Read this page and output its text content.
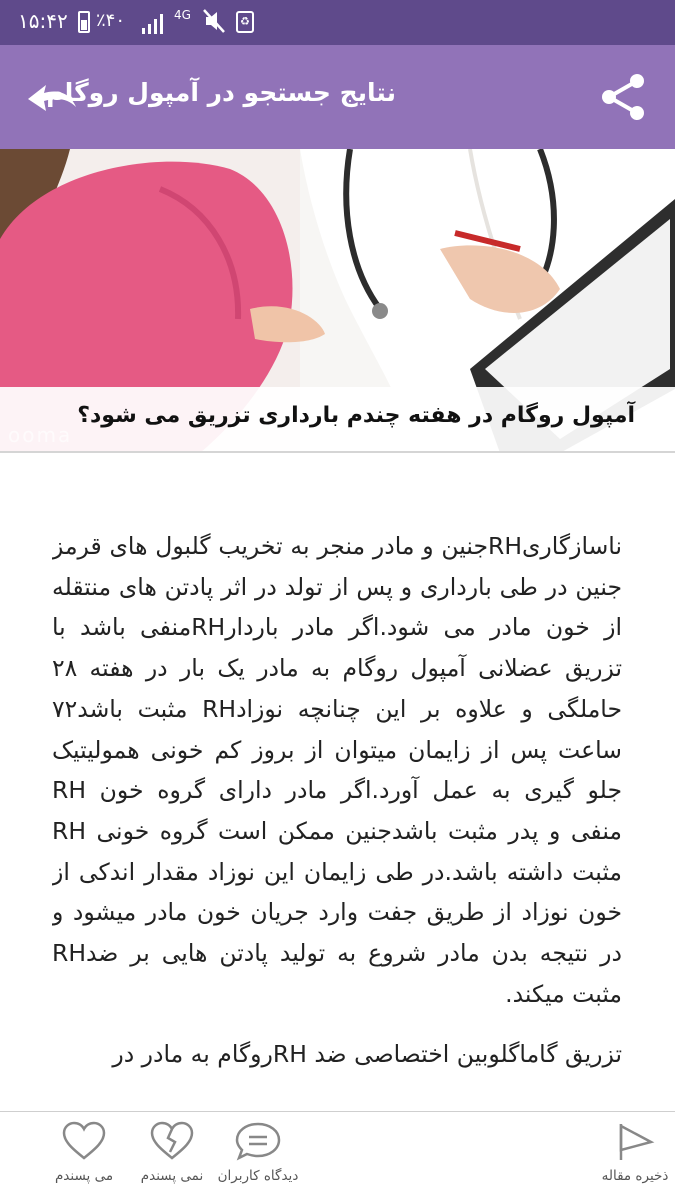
۱۵:۴۲ ٪۴۰	4G	♻
نتایج جستجو در آمپول روگام
آمپول روگام در هفته چندم بارداری تزریق می شود؟
ooma

ناسازگاریRHجنین و مادر منجر به تخریب گلبول های قرمز جنین در طی بارداری و پس از تولد در اثر پادتن های منتقله از خون مادر می شود.اگر مادر باردارRHمنفی باشد با تزریق عضلانی آمپول روگام به مادر یک بار در هفته ۲۸ حاملگی و علاوه بر این چنانچه نوزادRH مثبت باشد۷۲ ساعت پس از زایمان میتوان از بروز کم خونی همولیتیک جلو گیری به عمل آورد.اگر مادر دارای گروه خون RH منفی و پدر مثبت باشدجنین ممکن است گروه خونی RH مثبت داشته باشد.در طی زایمان این نوزاد مقدار اندکی از خون نوزاد از طریق جفت وارد جریان خون مادر میشود و در نتیجه بدن مادر شروع به تولید پادتن هایی بر ضدRH مثبت میکند.

تزریق گاماگلوبین اختصاصی ضد RHروگام به مادر در

ذخیره مقاله
دیدگاه کاربران
نمی پسندم
می پسندم
